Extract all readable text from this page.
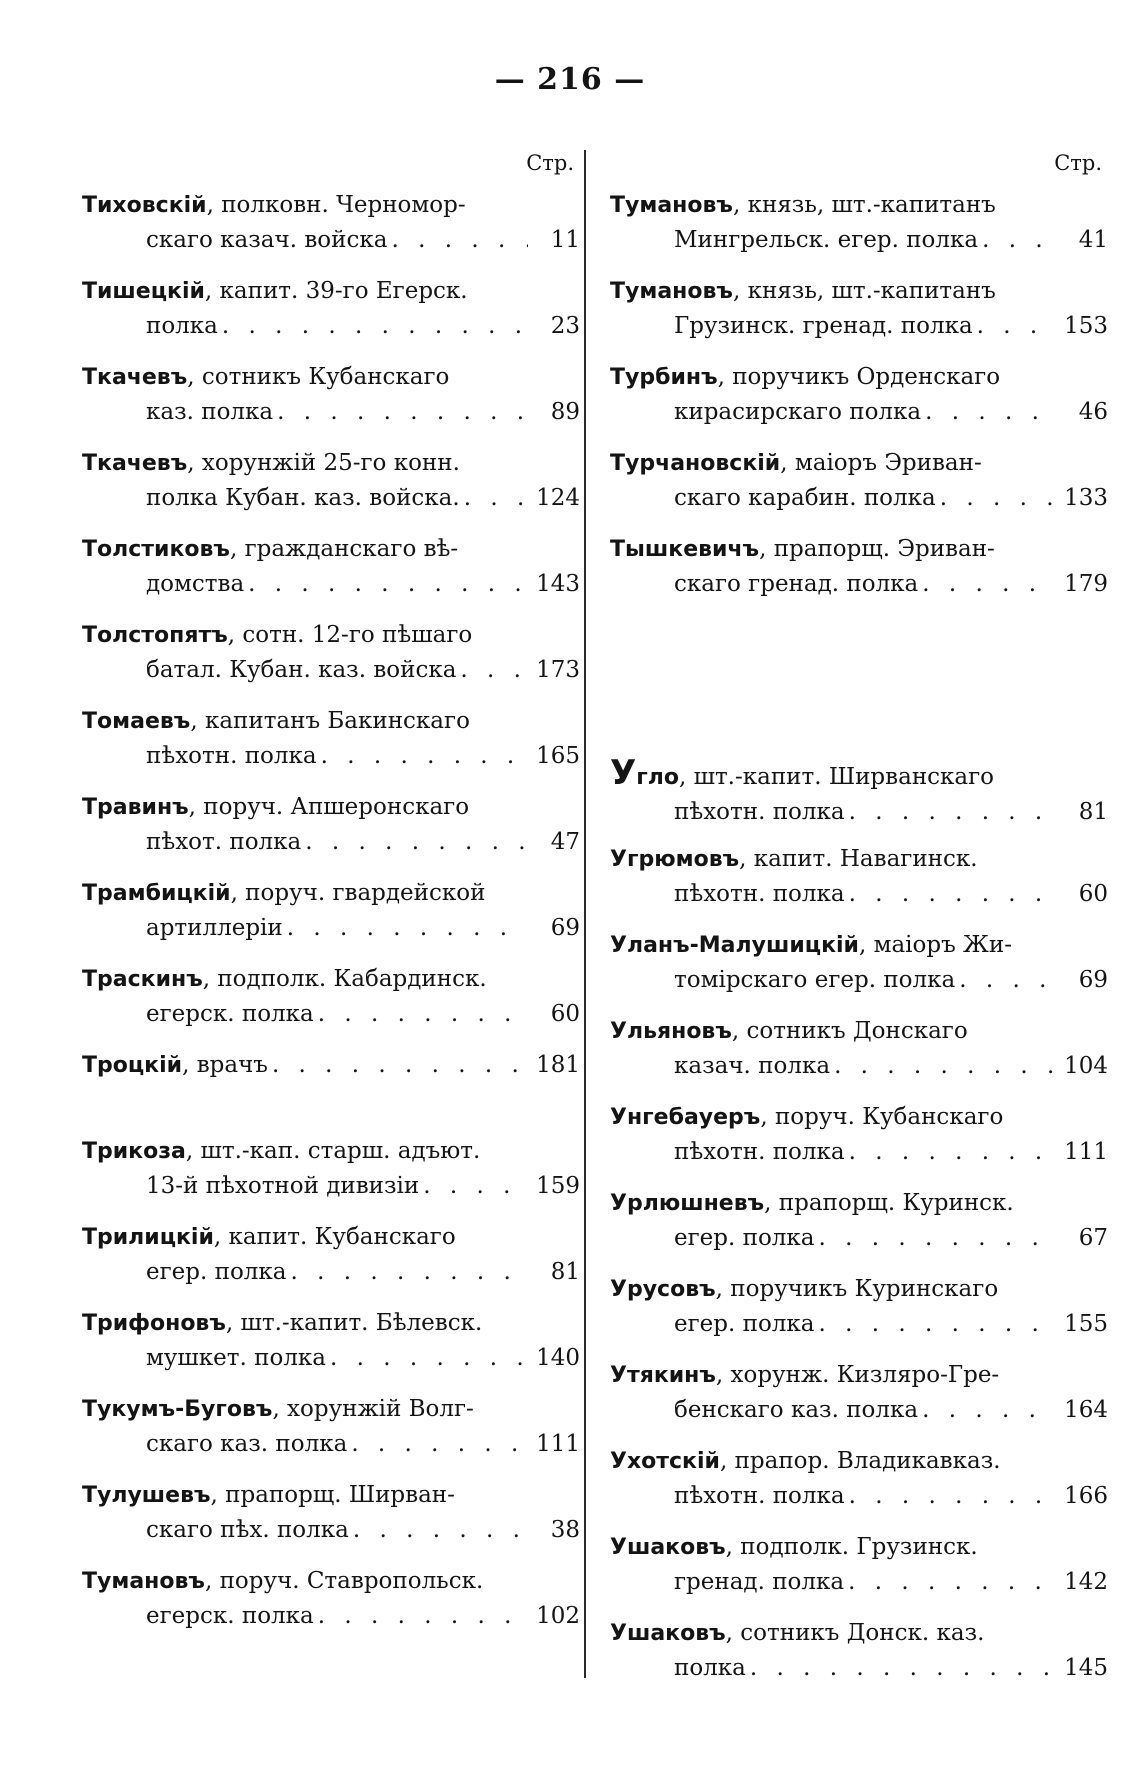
— 216 —
Стр.
Тиховскій , полковн. Черномор-
скаго казач. войска . . .	11
Тишецкій , капит. 39-го Егерск.
полка . . .	23
Ткачевъ , сотникъ Кубанскаго
каз. полка . . .	89
Ткачевъ , хорунжій 25-го конн.
полка Кубан. каз. войска. . . .	124
Толстиковъ , гражданскаго вѣ-
домства . . .	143
Толстопятъ , сотн. 12-го пѣшаго
батал. Кубан. каз. войска . . .	173
Томаевъ , капитанъ Бакинскаго
пѣхотн. полка . . .	165
Травинъ , поруч. Апшеронскаго
пѣхот. полка . . .	47
Трамбицкій , поруч. гвардейской
артиллеріи . . .	69
Траскинъ , подполк. Кабардинск.
егерск. полка . . .	60
Троцкій , врачъ . . .	181
Трикоза , шт.-кап. старш. адъют.
13-й пѣхотной дивизіи . . .	159
Трилицкій , капит. Кубанскаго
егер. полка . . .	81
Трифоновъ , шт.-капит. Бѣлевск.
мушкет. полка . . .	140
Тукумъ-Буговъ , хорунжій Волг-
скаго каз. полка . . .	111
Тулушевъ , прапорщ. Ширван-
скаго пѣх. полка . . .	38
Тумановъ , поруч. Ставропольск.
егерск. полка . . .	102
Стр.
Тумановъ , князь, шт.-капитанъ
Мингрельск. егер. полка . . .	41
Тумановъ , князь, шт.-капитанъ
Грузинск. гренад. полка . . .	153
Турбинъ , поручикъ Орденскаго
кирасирскаго полка . . .	46
Турчановскій , маіоръ Эриван-
скаго карабин. полка . . .	133
Тышкевичъ , прапорщ. Эриван-
скаго гренад. полка . . .	179
У гло , шт.-капит. Ширванскаго
пѣхотн. полка . . .	81
Угрюмовъ , капит. Навагинск.
пѣхотн. полка . . .	60
Уланъ-Малушицкій , маіоръ Жи-
томірскаго егер. полка . . .	69
Ульяновъ , сотникъ Донскаго
казач. полка . . .	104
Унгебауеръ , поруч. Кубанскаго
пѣхотн. полка . . .	111
Урлюшневъ , прапорщ. Куринск.
егер. полка . . .	67
Урусовъ , поручикъ Куринскаго
егер. полка . . .	155
Утякинъ , хорунж. Кизляро-Гре-
бенскаго каз. полка . . .	164
Ухотскій , прапор. Владикавказ.
пѣхотн. полка . . .	166
Ушаковъ , подполк. Грузинск.
гренад. полка . . .	142
Ушаковъ , сотникъ Донск. каз.
полка . . .	145
